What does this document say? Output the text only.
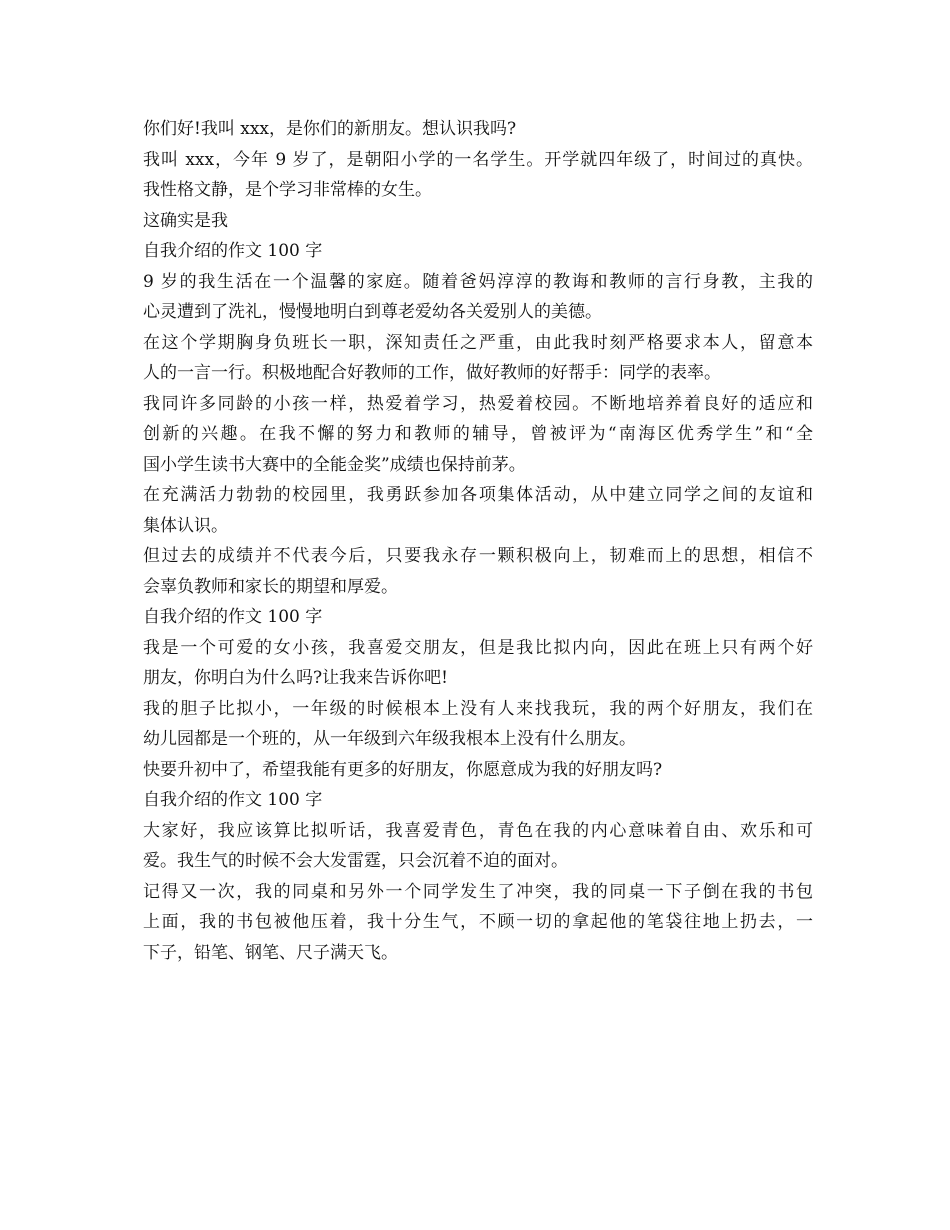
你们好!我叫 xxx，是你们的新朋友。想认识我吗?
我叫 xxx，今年 9 岁了，是朝阳小学的一名学生。开学就四年级了，时间过的真快。
我性格文静，是个学习非常棒的女生。
这确实是我
自我介绍的作文 100 字
9 岁的我生活在一个温馨的家庭。随着爸妈淳淳的教诲和教师的言行身教，主我的
心灵遭到了洗礼，慢慢地明白到尊老爱幼各关爱别人的美德。
在这个学期胸身负班长一职，深知责任之严重，由此我时刻严格要求本人，留意本
人的一言一行。积极地配合好教师的工作，做好教师的好帮手：同学的表率。
我同许多同龄的小孩一样，热爱着学习，热爱着校园。不断地培养着良好的适应和
创新的兴趣。在我不懈的努力和教师的辅导，曾被评为“南海区优秀学生”和“全
国小学生读书大赛中的全能金奖”成绩也保持前茅。
在充满活力勃勃的校园里，我勇跃参加各项集体活动，从中建立同学之间的友谊和
集体认识。
但过去的成绩并不代表今后，只要我永存一颗积极向上，韧难而上的思想，相信不
会辜负教师和家长的期望和厚爱。
自我介绍的作文 100 字
我是一个可爱的女小孩，我喜爱交朋友，但是我比拟内向，因此在班上只有两个好
朋友，你明白为什么吗?让我来告诉你吧!
我的胆子比拟小，一年级的时候根本上没有人来找我玩，我的两个好朋友，我们在
幼儿园都是一个班的，从一年级到六年级我根本上没有什么朋友。
快要升初中了，希望我能有更多的好朋友，你愿意成为我的好朋友吗?
自我介绍的作文 100 字
大家好，我应该算比拟听话，我喜爱青色，青色在我的内心意味着自由、欢乐和可
爱。我生气的时候不会大发雷霆，只会沉着不迫的面对。
记得又一次，我的同桌和另外一个同学发生了冲突，我的同桌一下子倒在我的书包
上面，我的书包被他压着，我十分生气，不顾一切的拿起他的笔袋往地上扔去，一
下子，铅笔、钢笔、尺子满天飞。
